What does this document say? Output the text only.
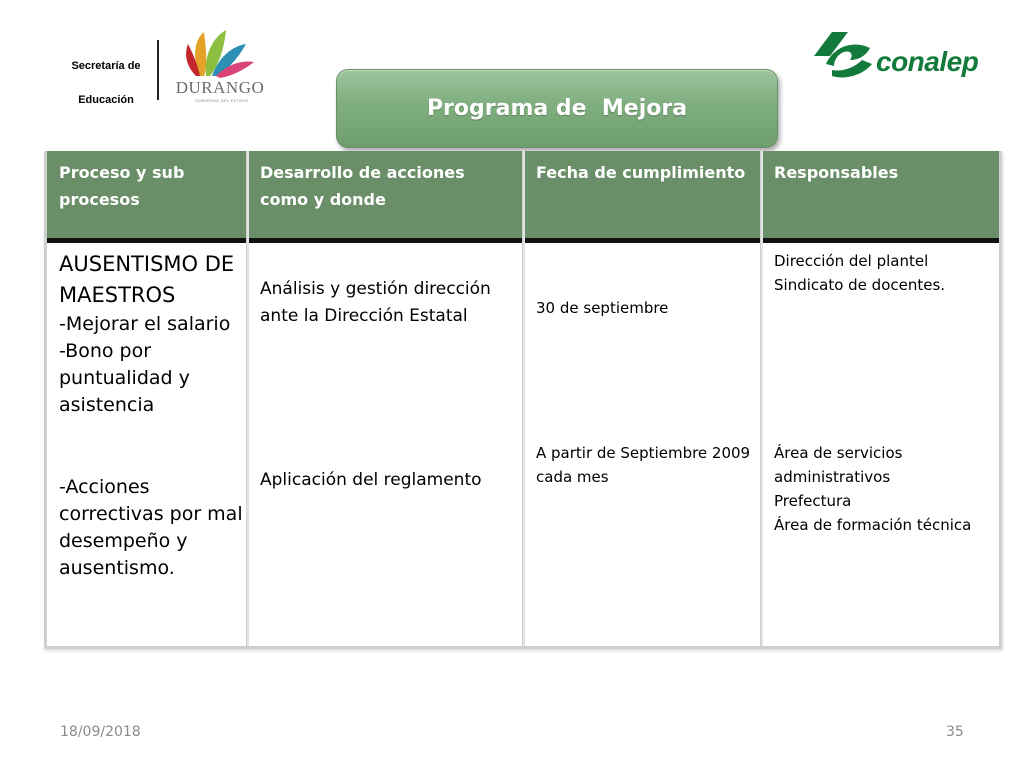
Secretaría de
Educación
DURANGO
GOBIERNO DEL ESTADO
conalep
Programa de  Mejora
Proceso y sub procesos
Desarrollo de acciones como y donde
Fecha de cumplimiento	Responsables
AUSENTISMO DE MAESTROS
-Mejorar el salario
-Bono por puntualidad y asistencia
-Acciones correctivas por mal desempeño y ausentismo.
Análisis y gestión dirección ante la Dirección Estatal
Aplicación del reglamento
30 de septiembre
A partir de Septiembre 2009
cada mes
Dirección del plantel
Sindicato de docentes.
Área de servicios administrativos
Prefectura
Área de formación técnica
18/09/2018	35
